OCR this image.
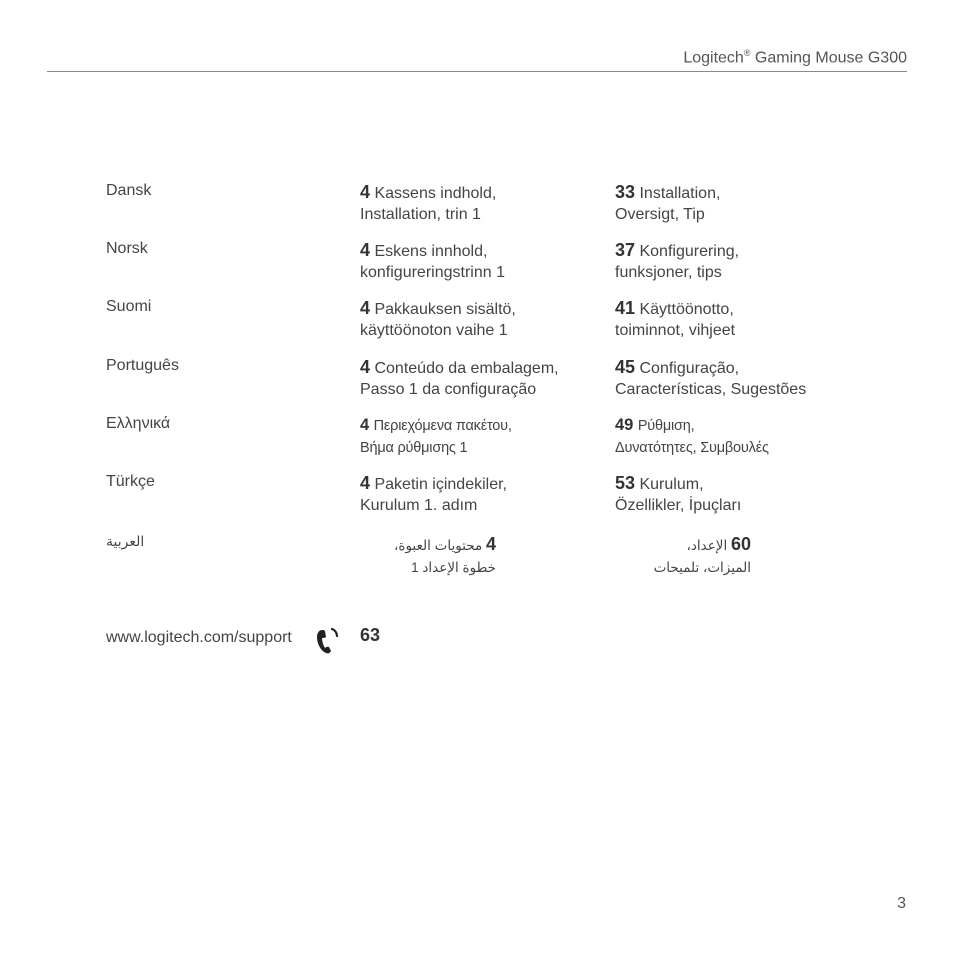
Logitech® Gaming Mouse G300
Dansk	4 Kassens indhold,
Installation, trin 1
33 Installation,
Oversigt, Tip
Norsk	4 Eskens innhold,
konfigureringstrinn 1
37 Konfigurering,
funksjoner, tips
Suomi	4 Pakkauksen sisältö,
käyttöönoton vaihe 1
41 Käyttöönotto,
toiminnot, vihjeet
Português	4 Conteúdo da embalagem,
Passo 1 da configuração
45 Configuração,
Características, Sugestões
Ελληνικά	4 Περιεχόμενα πακέτου,
Βήμα ρύθμισης 1
49 Ρύθμιση,
Δυνατότητες, Συμβουλές
Türkçe	4 Paketin içindekiler,
Kurulum 1. adım
53 Kurulum,
Özellikler, İpuçları
العربية	4 محتويات العبوة،
خطوة الإعداد 1
60 الإعداد،
الميزات، تلميحات
www.logitech.com/support	63
3
